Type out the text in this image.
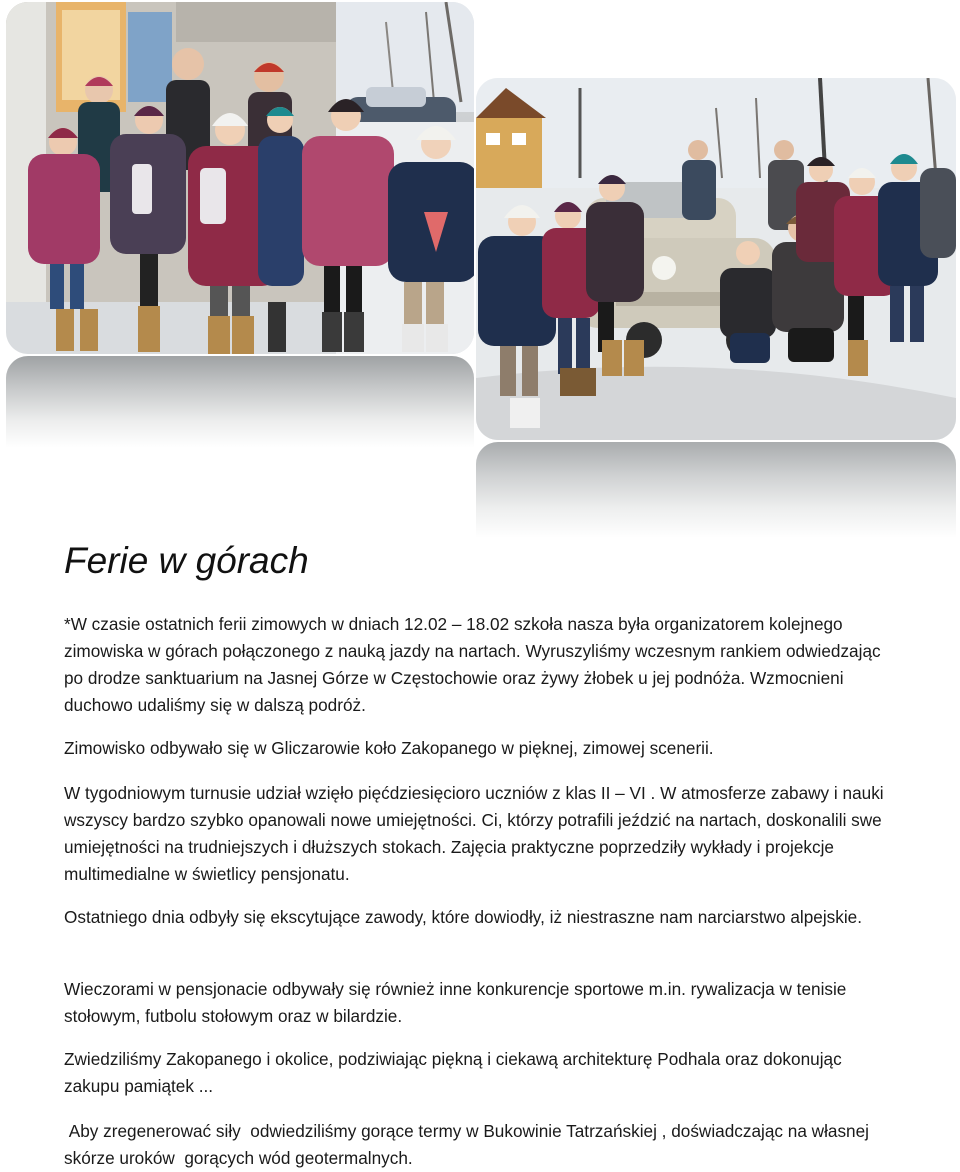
Ferie w górach

*W czasie ostatnich ferii zimowych w dniach 12.02 – 18.02 szkoła nasza była organizatorem kolejnego zimowiska w górach połączonego z nauką jazdy na nartach. Wyruszyliśmy wczesnym rankiem odwiedzając po drodze sanktuarium na Jasnej Górze w Częstochowie oraz żywy żłobek u jej podnóża. Wzmocnieni duchowo udaliśmy się w dalszą podróż.

Zimowisko odbywało się w Gliczarowie koło Zakopanego w pięknej, zimowej scenerii.

W tygodniowym turnusie udział wzięło pięćdziesięcioro uczniów z klas II – VI . W atmosferze zabawy i nauki wszyscy bardzo szybko opanowali nowe umiejętności. Ci, którzy potrafili jeździć na nartach, doskonalili swe umiejętności na trudniejszych i dłuższych stokach. Zajęcia praktyczne poprzedziły wykłady i projekcje multimedialne w świetlicy pensjonatu.

Ostatniego dnia odbyły się ekscytujące zawody, które dowiodły, iż niestraszne nam narciarstwo alpejskie.

Wieczorami w pensjonacie odbywały się również inne konkurencje sportowe m.in. rywalizacja w tenisie stołowym, futbolu stołowym oraz w bilardzie.

Zwiedziliśmy Zakopanego i okolice, podziwiając piękną i ciekawą architekturę Podhala oraz dokonując zakupu pamiątek ...

Aby zregenerować siły  odwiedziliśmy gorące termy w Bukowinie Tatrzańskiej , doświadczając na własnej skórze uroków  gorących wód geotermalnych.
